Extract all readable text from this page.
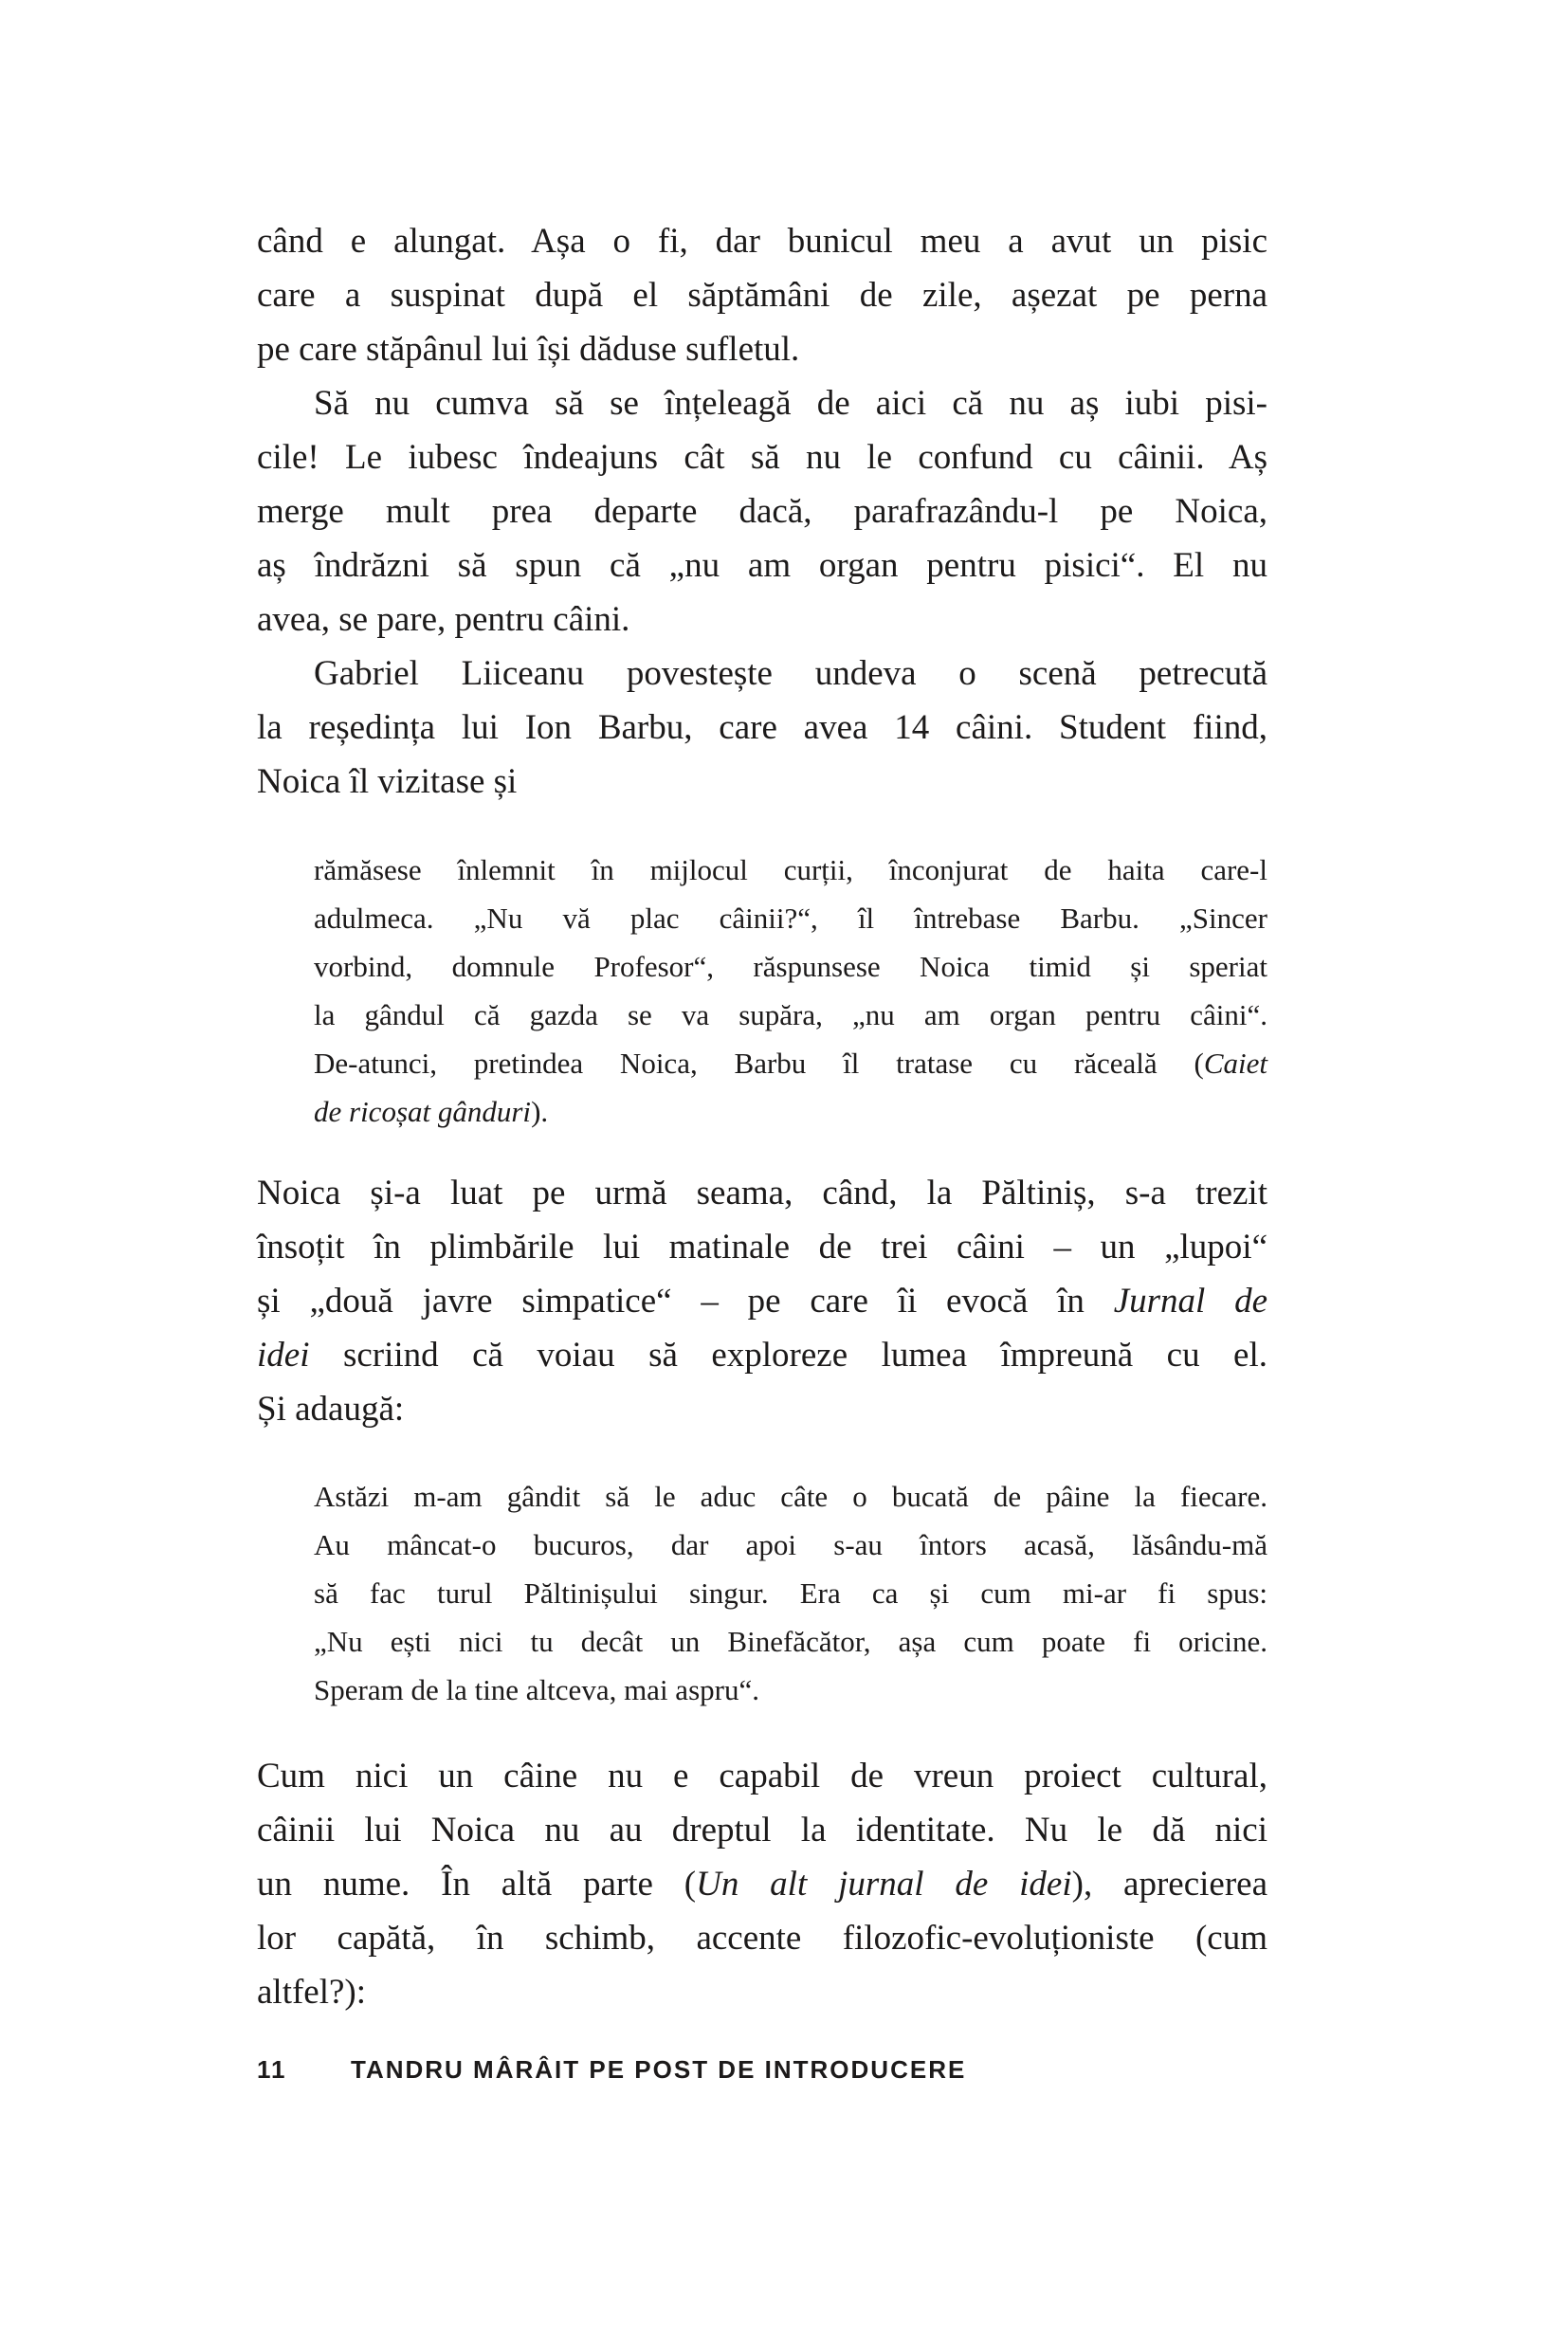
când e alungat. Așa o fi, dar bunicul meu a avut un pisic
care a suspinat după el săptămâni de zile, așezat pe perna
pe care stăpânul lui își dăduse sufletul.
Să nu cumva să se înțeleagă de aici că nu aș iubi pisi-
cile! Le iubesc îndeajuns cât să nu le confund cu câinii. Aș
merge mult prea departe dacă, parafrazându-l pe Noica,
aș îndrăzni să spun că „nu am organ pentru pisici“. El nu
avea, se pare, pentru câini.
Gabriel Liiceanu povestește undeva o scenă petrecută
la reședința lui Ion Barbu, care avea 14 câini. Student fiind,
Noica îl vizitase și
rămăsese înlemnit în mijlocul curții, înconjurat de haita care-l
adulmeca. „Nu vă plac câinii?“, îl întrebase Barbu. „Sincer
vorbind, domnule Profesor“, răspunsese Noica timid și speriat
la gândul că gazda se va supăra, „nu am organ pentru câini“.
De-atunci, pretindea Noica, Barbu îl tratase cu răceală (Caiet
de ricoșat gânduri).
Noica și-a luat pe urmă seama, când, la Păltiniș, s-a trezit
însoțit în plimbările lui matinale de trei câini – un „lupoi“
și „două javre simpatice“ – pe care îi evocă în Jurnal de
idei scriind că voiau să exploreze lumea împreună cu el.
Și adaugă:
Astăzi m-am gândit să le aduc câte o bucată de pâine la fiecare.
Au mâncat-o bucuros, dar apoi s-au întors acasă, lăsându-mă
să fac turul Păltinișului singur. Era ca și cum mi-ar fi spus:
„Nu ești nici tu decât un Binefăcător, așa cum poate fi oricine.
Speram de la tine altceva, mai aspru“.
Cum nici un câine nu e capabil de vreun proiect cultural,
câinii lui Noica nu au dreptul la identitate. Nu le dă nici
un nume. În altă parte (Un alt jurnal de idei), aprecierea
lor capătă, în schimb, accente filozofic-evoluționiste (cum
altfel?):
11	TANDRU MÂRÂIT PE POST DE INTRODUCERE
